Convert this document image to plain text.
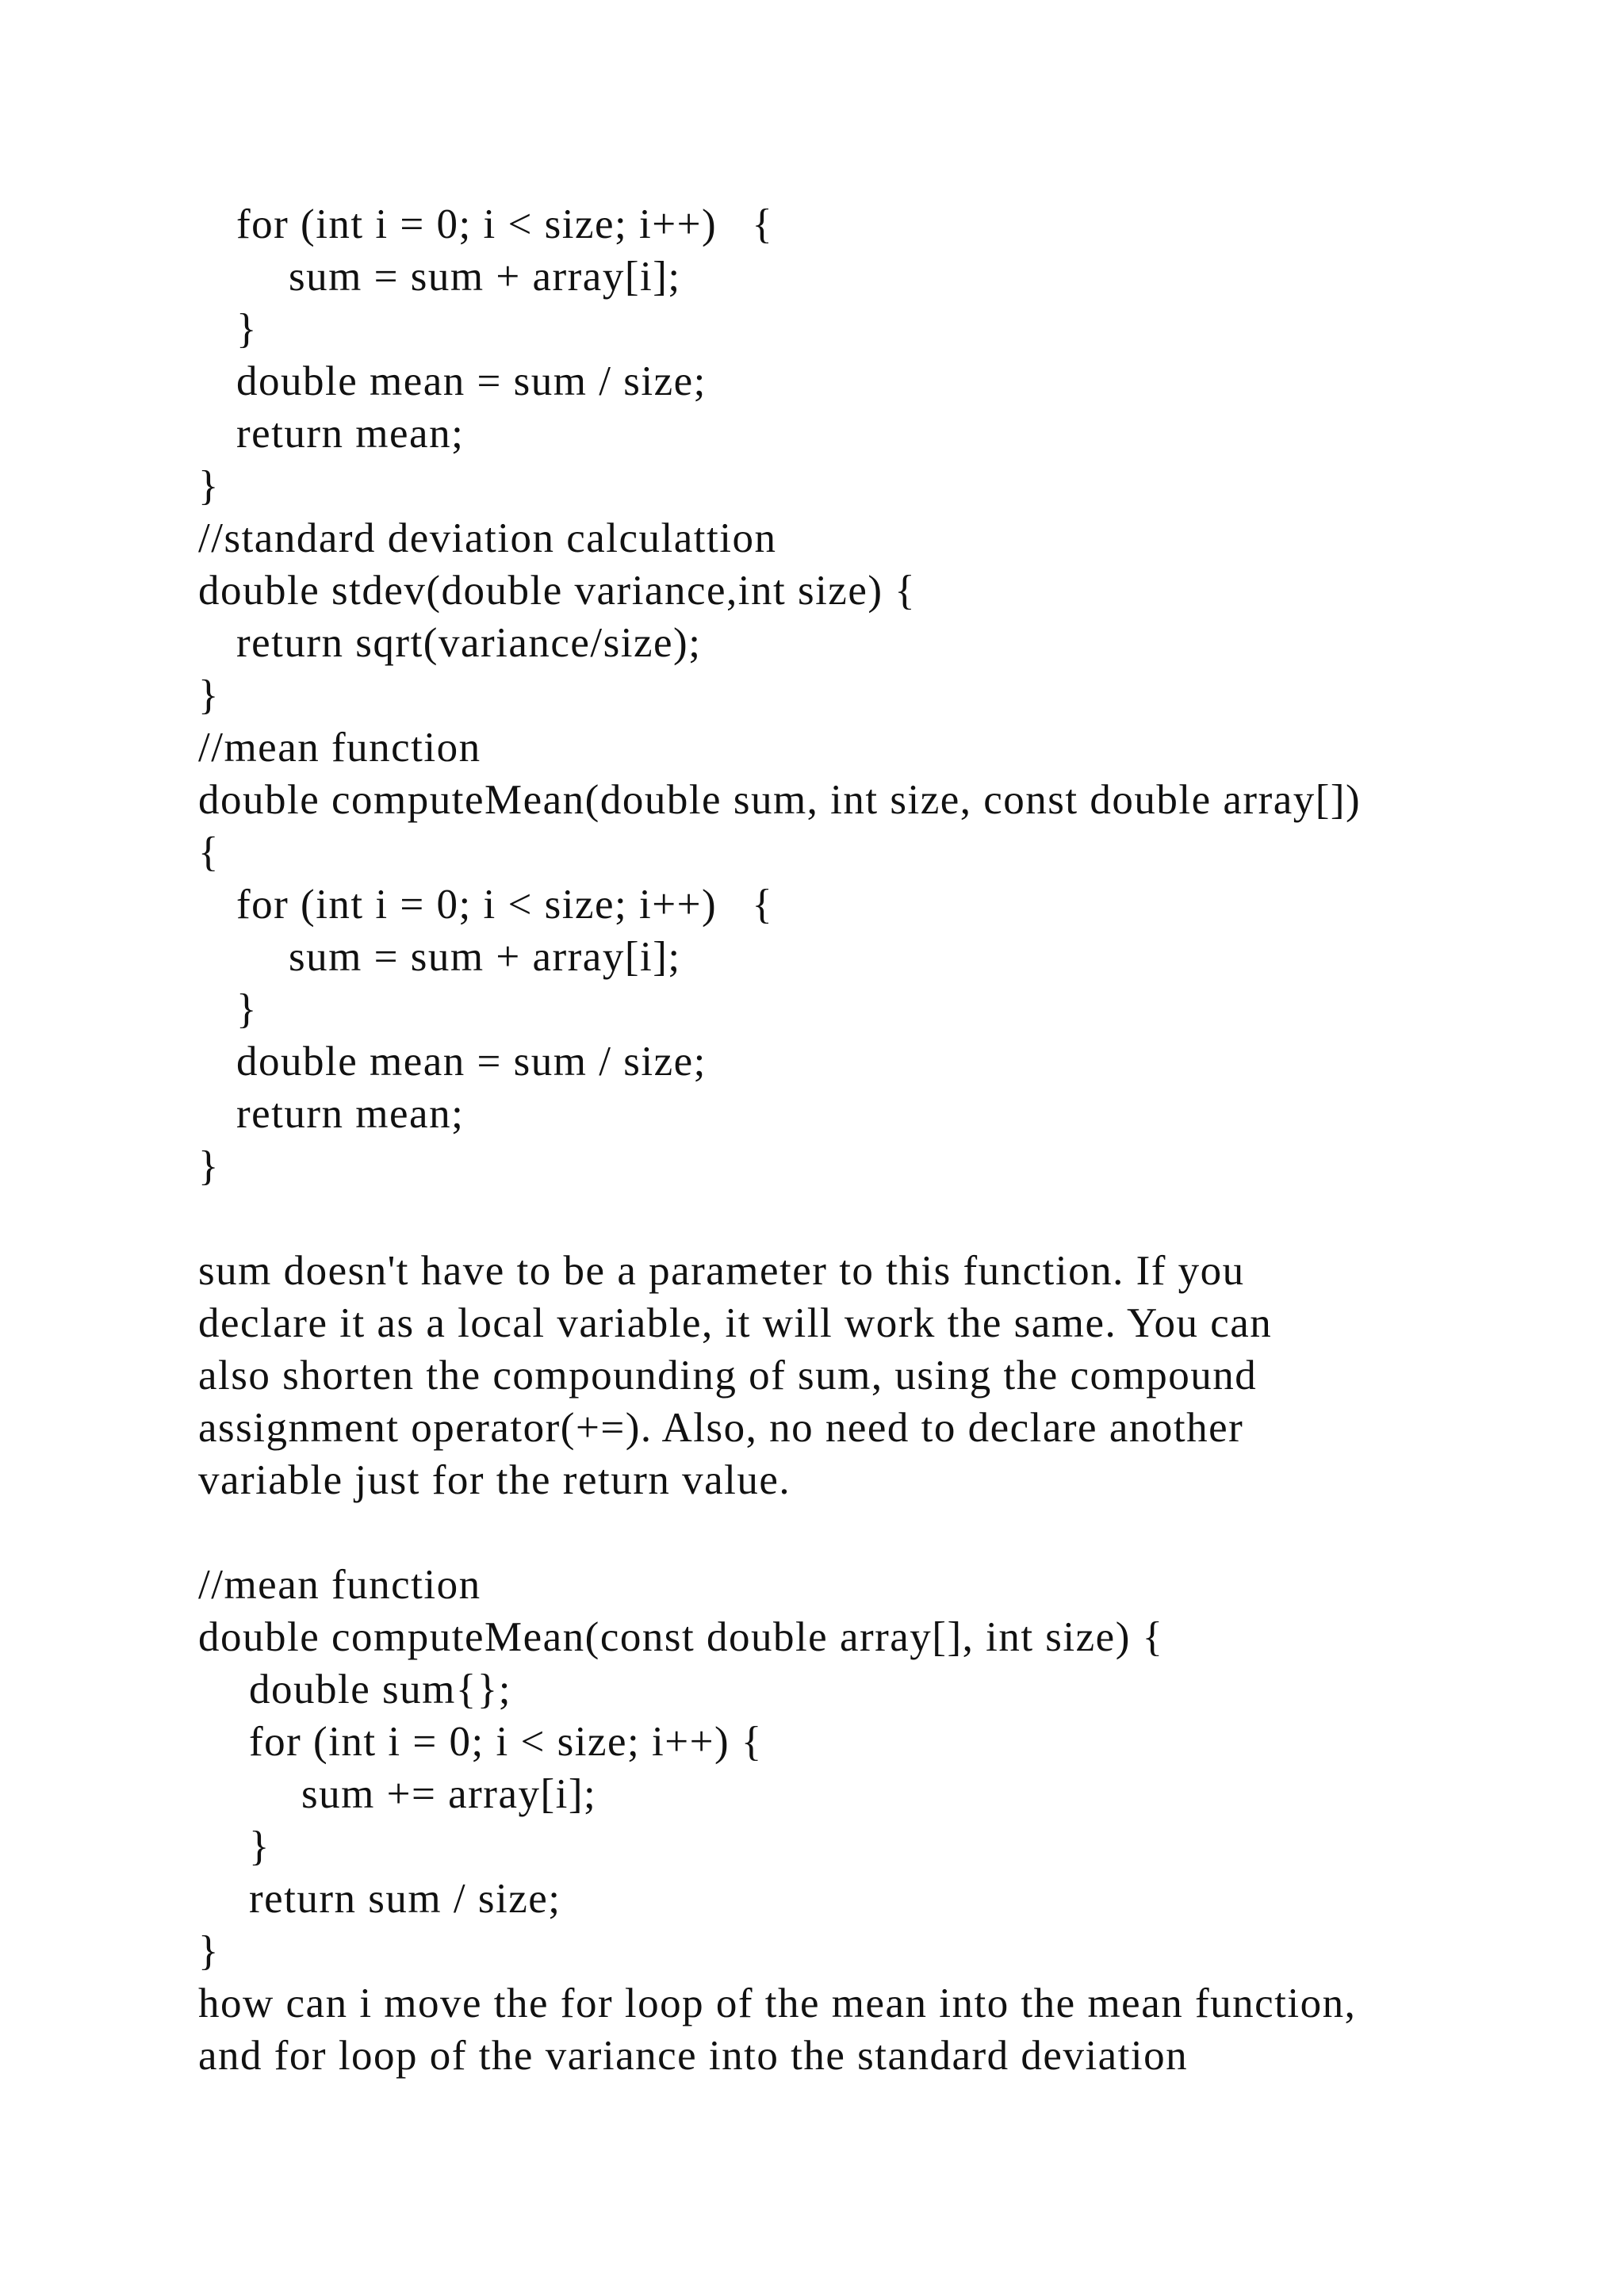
for (int i = 0; i < size; i++)   {
sum = sum + array[i];
}
double mean = sum / size;
return mean;
}
//standard deviation calculattion
double stdev(double variance,int size) {
return sqrt(variance/size);
}
//mean function
double computeMean(double sum, int size, const double array[])
{
for (int i = 0; i < size; i++)   {
sum = sum + array[i];
}
double mean = sum / size;
return mean;
}
sum doesn't have to be a parameter to this function. If you
declare it as a local variable, it will work the same. You can
also shorten the compounding of sum, using the compound
assignment operator(+=). Also, no need to declare another
variable just for the return value.
//mean function
double computeMean(const double array[], int size) {
double sum{};
for (int i = 0; i < size; i++) {
sum += array[i];
}
return sum / size;
}
how can i move the for loop of the mean into the mean function,
and for loop of the variance into the standard deviation
